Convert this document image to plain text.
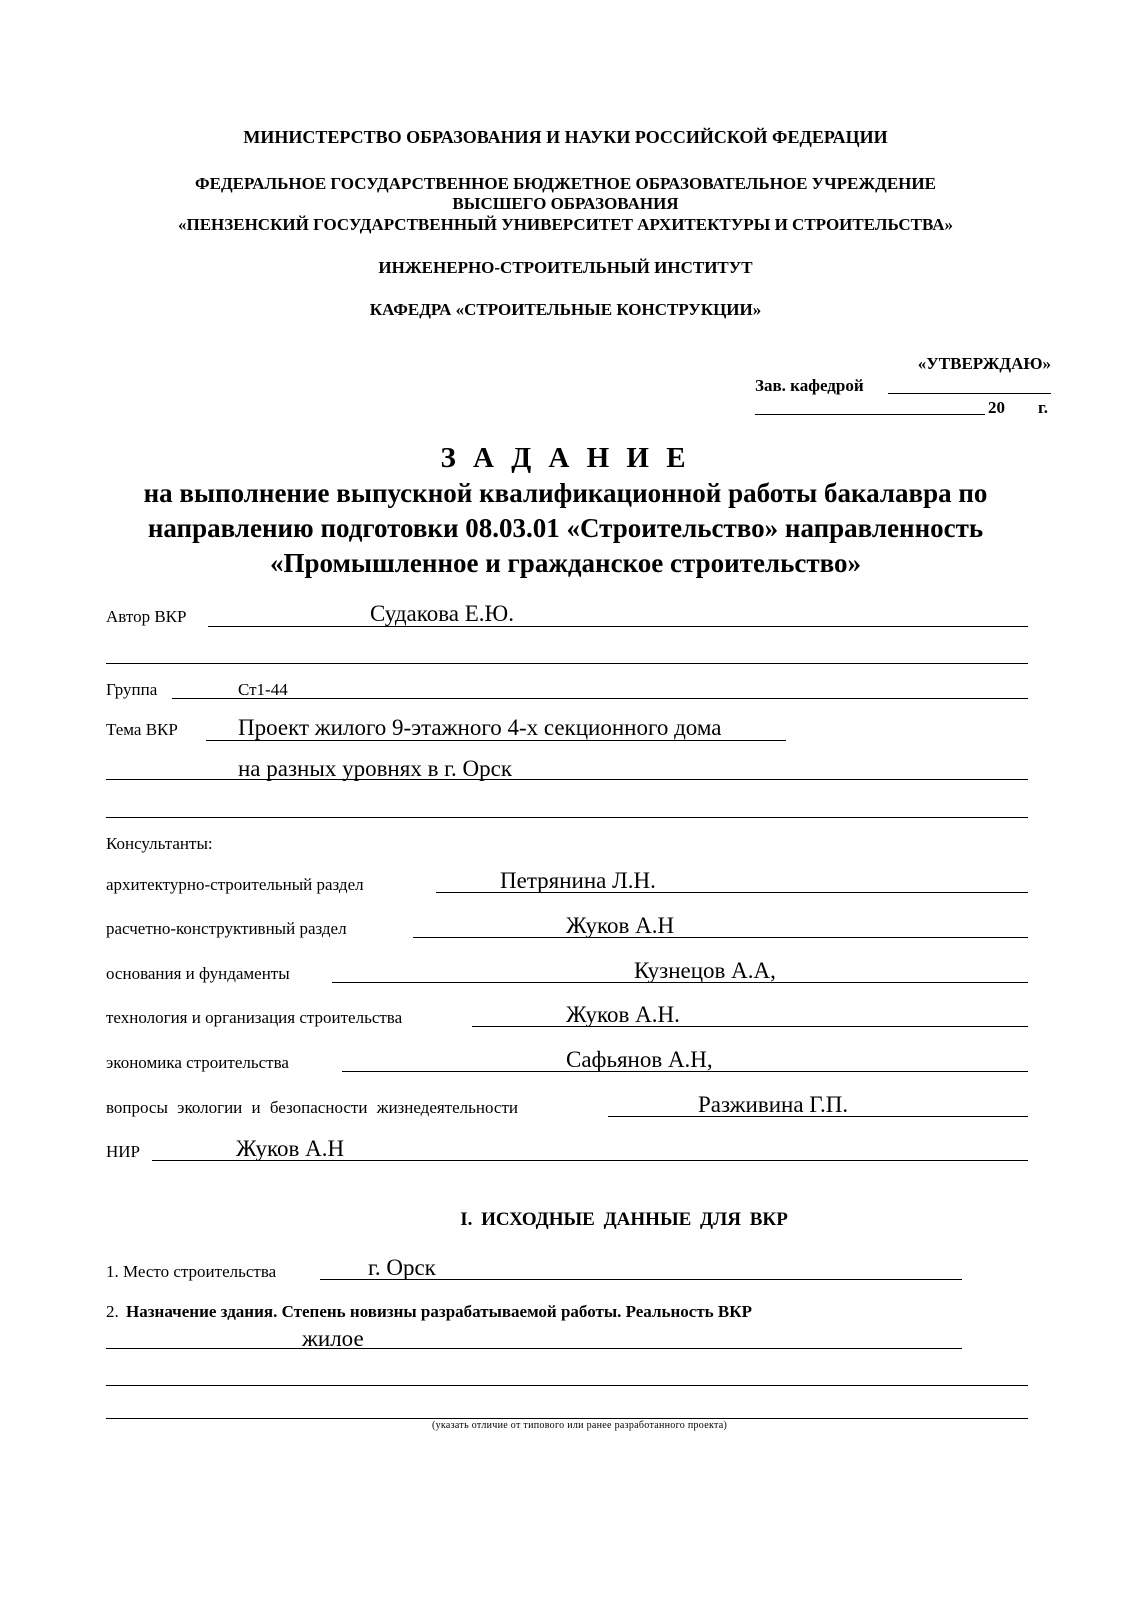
МИНИСТЕРСТВО ОБРАЗОВАНИЯ И НАУКИ РОССИЙСКОЙ ФЕДЕРАЦИИ
ФЕДЕРАЛЬНОЕ ГОСУДАРСТВЕННОЕ БЮДЖЕТНОЕ ОБРАЗОВАТЕЛЬНОЕ УЧРЕЖДЕНИЕ
ВЫСШЕГО ОБРАЗОВАНИЯ
«ПЕНЗЕНСКИЙ ГОСУДАРСТВЕННЫЙ УНИВЕРСИТЕТ АРХИТЕКТУРЫ И СТРОИТЕЛЬСТВА»
ИНЖЕНЕРНО-СТРОИТЕЛЬНЫЙ ИНСТИТУТ
КАФЕДРА «СТРОИТЕЛЬНЫЕ КОНСТРУКЦИИ»
«УТВЕРЖДАЮ»
Зав. кафедрой
20 г.
З А Д А Н И Е
на выполнение выпускной квалификационной работы бакалавра по
направлению подготовки 08.03.01 «Строительство» направленность
«Промышленное и гражданское строительство»
Автор ВКР	Судакова Е.Ю.
Группа	Ст1-44
Тема ВКР	Проект жилого 9-этажного 4-х секционного дома
на разных уровнях в г. Орск
Консультанты:
архитектурно-строительный раздел	Петрянина Л.Н.
расчетно-конструктивный раздел	Жуков А.Н
основания и фундаменты	Кузнецов А.А,
технология и организация строительства	Жуков А.Н.
экономика строительства	Сафьянов А.Н,
вопросы экологии и безопасности жизнедеятельности	Разживина Г.П.
НИР	Жуков А.Н
I. ИСХОДНЫЕ ДАННЫЕ ДЛЯ ВКР
1. Место строительства	г. Орск
2. Назначение здания. Степень новизны разрабатываемой работы. Реальность ВКР
жилое
(указать отличие от типового или ранее разработанного проекта)
